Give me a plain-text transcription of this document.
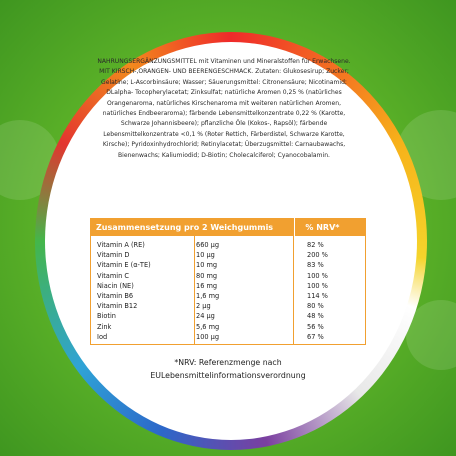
NAHRUNGSERGÄNZUNGSMITTEL mit Vitaminen und Mineralstoffen für Erwachsene. MIT KIRSCH-,ORANGEN- UND BEERENGESCHMACK. Zutaten: Glukosesirup; Zucker; Gelatine; L-Ascorbinsäure; Wasser; Säuerungsmittel: Citronensäure; Nicotinamid; DLalpha- Tocopherylacetat; Zinksulfat; natürliche Aromen 0,25 % (natürliches Orangenaroma, natürliches Kirschenaroma mit weiteren natürlichen Aromen, natürliches Endbeeraroma); färbende Lebensmittelkonzentrate 0,22 % (Karotte, Schwarze Johannisbeere); pflanzliche Öle (Kokos-, Rapsöl); färbende Lebensmittelkonzentrate <0,1 % (Roter Rettich, Färberdistel, Schwarze Karotte, Kirsche); Pyridoxinhydrochlorid; Retinylacetat; Überzugsmittel: Carnaubawachs, Bienenwachs; Kaliumiodid; D-Biotin; Cholecalciferol; Cyanocobalamin.

Zusammensetzung pro 2 Weichgummis	% NRV*
Vitamin A (RE)	660 µg	82 %
Vitamin D	10 µg	200 %
Vitamin E (α-TE)	10 mg	83 %
Vitamin C	80 mg	100 %
Niacin (NE)	16 mg	100 %
Vitamin B6	1,6 mg	114 %
Vitamin B12	2 µg	80 %
Biotin	24 µg	48 %
Zink	5,6 mg	56 %
Iod	100 µg	67 %
*NRV: Referenzmenge nach
EULebensmittelinformationsverordnung
